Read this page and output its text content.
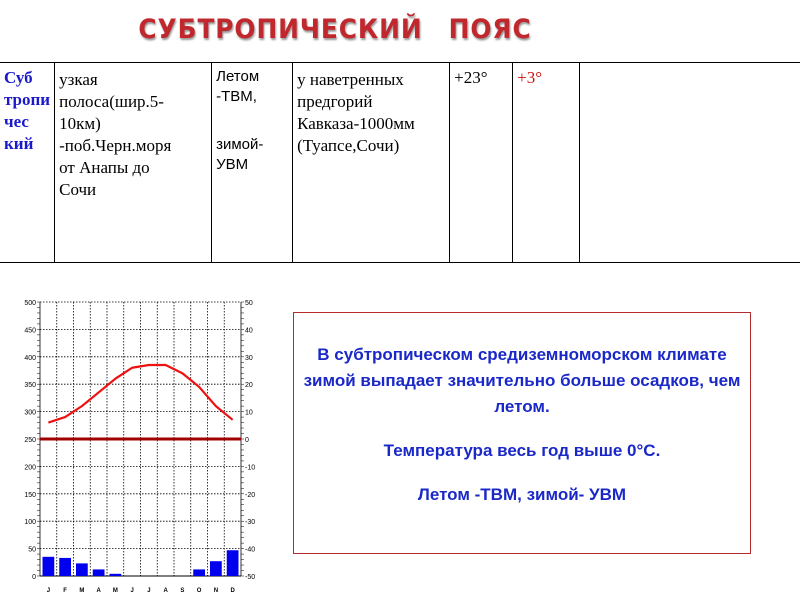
СУБТРОПИЧЕСКИЙ ПОЯС
Суб
тропи
чес
кий

узкая
полоса(шир.5-
10км)
-поб.Черн.моря
от Анапы до
Сочи

Летом
-ТВМ,
зимой-
УВМ

у наветренных
предгорий
Кавказа-1000мм
(Туапсе,Сочи)

+23°	+3°

0
50
100
150
200
250
300
350
400
450
500
-50
-40
-30
-20
-10
0
10
20
30
40
50
J F M A M J J A S O N D

В субтропическом средиземноморском климате зимой выпадает значительно больше осадков, чем летом.

Температура весь год выше 0°С.

Летом -ТВМ, зимой- УВМ
